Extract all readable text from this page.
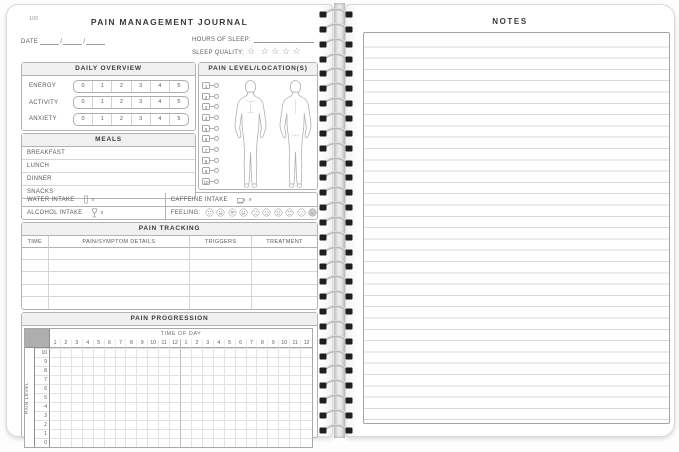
100	PAIN MANAGEMENT JOURNAL
DATE	/	/	HOURS OF SLEEP:
SLEEP QUALITY: ☆ ☆☆☆☆
DAILY OVERVIEW
ENERGY	0	1	2	3	4	5
ACTIVITY	0	1	2	3	4	5
ANXIETY	0	1	2	3	4	5
MEALS
BREAKFAST
LUNCH
DINNER
SNACKS
PAIN LEVEL/LOCATION(S)
1
2
3
4
5
6
7
8
9
10
WATER INTAKE	x	CAFFEINE INTAKE	x
ALCOHOL INTAKE	x	FEELING:
PAIN TRACKING
TIME	PAIN/SYMPTOM DETAILS	TRIGGERS	TREATMENT
PAIN PROGRESSION
TIME OF DAY
1	2	3	4	5	6	7	8	9	10	11	12	1	2	3	4	5	6	7	8	9	10	11	12
PAIN LEVEL
10
9
8
7
6
5
4
3
2
1
0
NOTES
